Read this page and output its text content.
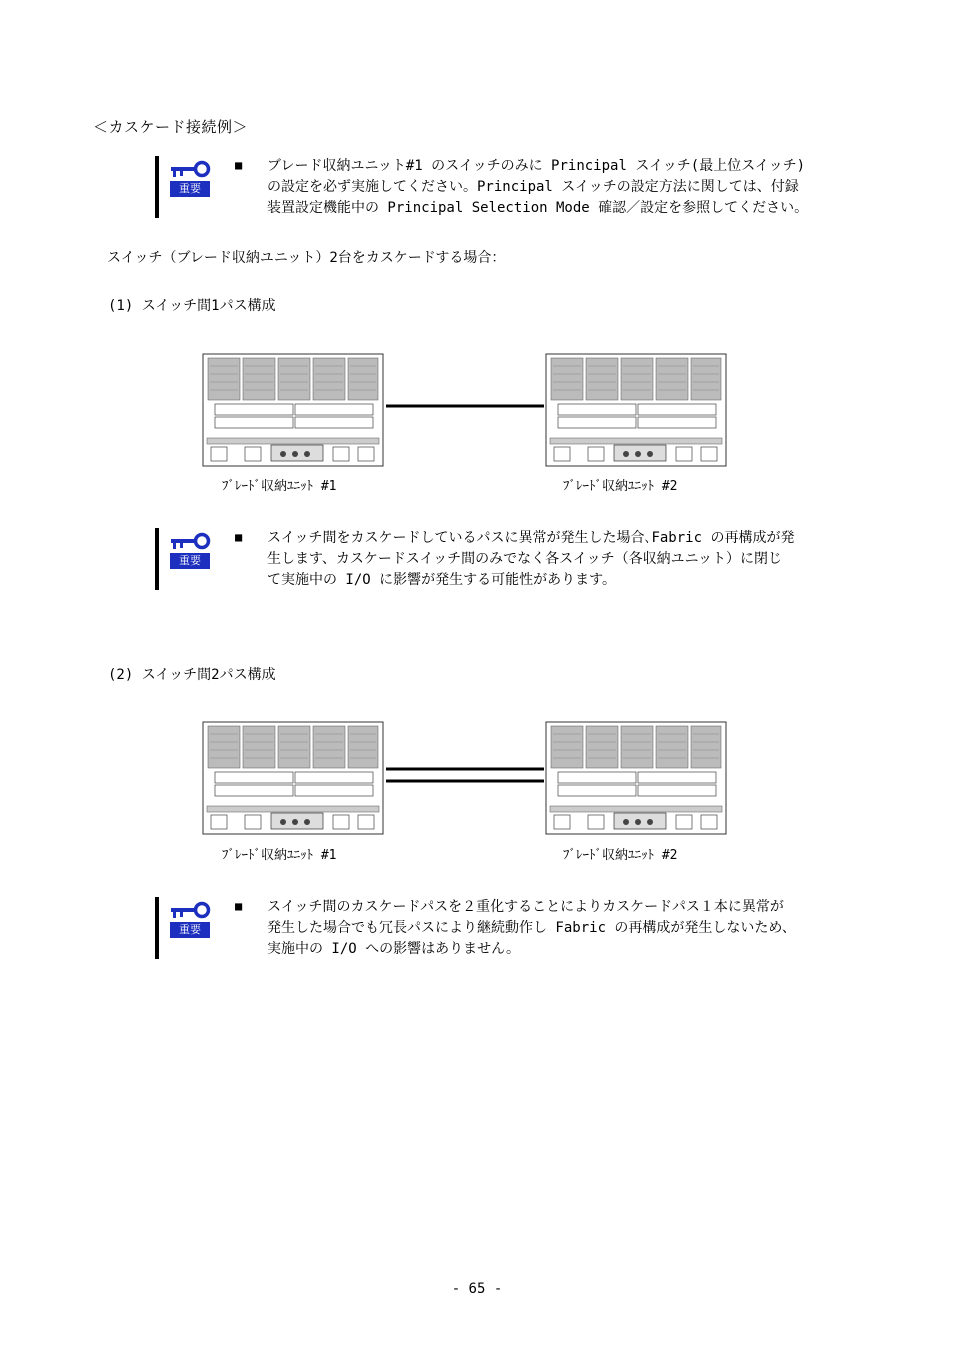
＜カスケード接続例＞
重要
■ ブレード収納ユニット#1 のスイッチのみに Principal スイッチ(最上位スイッチ)

の設定を必ず実施してください。Principal スイッチの設定方法に関しては、付録

装置設定機能中の Principal Selection Mode 確認／設定を参照してください。

スイッチ（ブレード収納ユニット）2台をカスケードする場合：
(1) スイッチ間1パス構成
ﾌﾞﾚｰﾄﾞ収納ﾕﾆｯﾄ #1	ﾌﾞﾚｰﾄﾞ収納ﾕﾆｯﾄ #2
重要
■ スイッチ間をカスケードしているパスに異常が発生した場合､Fabric の再構成が発

生します、カスケードスイッチ間のみでなく各スイッチ（各収納ユニット）に閉じ

て実施中の I/O に影響が発生する可能性があります。

(2) スイッチ間2パス構成
ﾌﾞﾚｰﾄﾞ収納ﾕﾆｯﾄ #1	ﾌﾞﾚｰﾄﾞ収納ﾕﾆｯﾄ #2
重要
■ スイッチ間のカスケードパスを２重化することによりカスケードパス１本に異常が

発生した場合でも冗長パスにより継続動作し Fabric の再構成が発生しないため、

実施中の I/O への影響はありません。

- 65 -
